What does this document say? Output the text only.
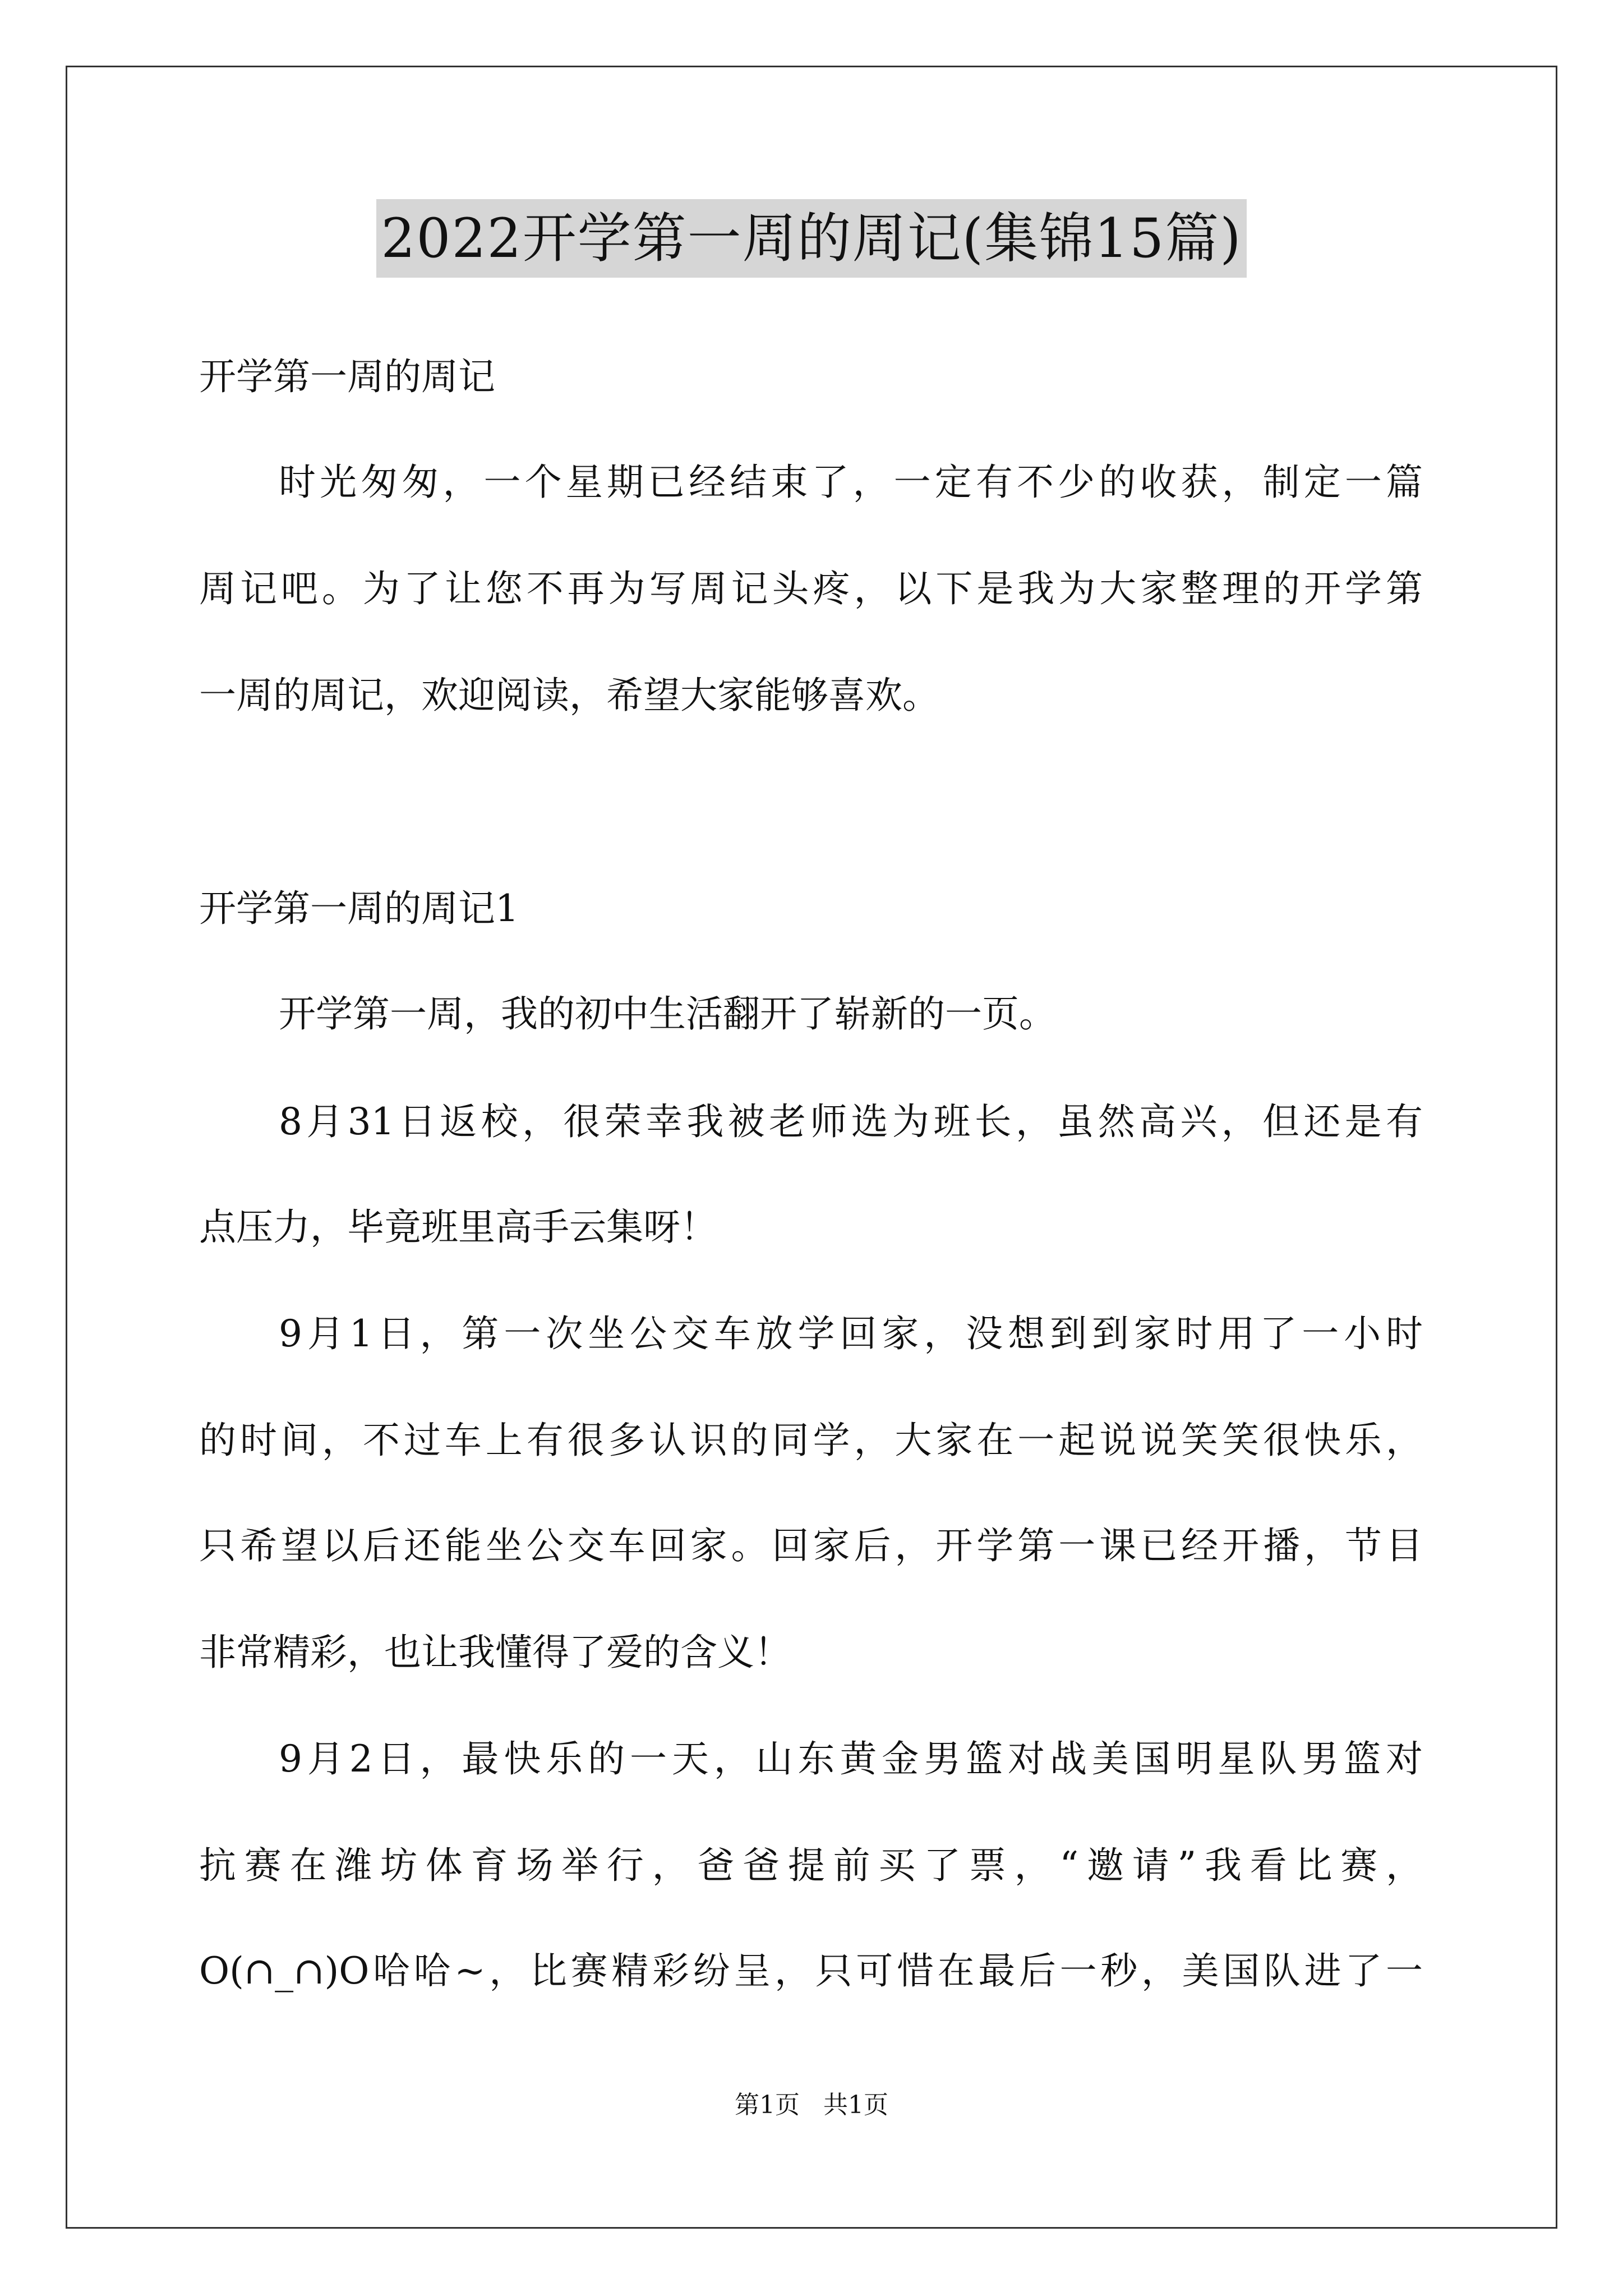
2022开学第一周的周记(集锦15篇)
开学第一周的周记
时光匆匆，一个星期已经结束了，一定有不少的收获，制定一篇
周记吧。为了让您不再为写周记头疼，以下是我为大家整理的开学第
一周的周记，欢迎阅读，希望大家能够喜欢。
开学第一周的周记1
开学第一周，我的初中生活翻开了崭新的一页。
8月31日返校，很荣幸我被老师选为班长，虽然高兴，但还是有
点压力，毕竟班里高手云集呀！
9月1日，第一次坐公交车放学回家，没想到到家时用了一小时
的时间，不过车上有很多认识的同学，大家在一起说说笑笑很快乐，
只希望以后还能坐公交车回家。回家后，开学第一课已经开播，节目
非常精彩，也让我懂得了爱的含义！
9月2日，最快乐的一天，山东黄金男篮对战美国明星队男篮对
抗赛在潍坊体育场举行，爸爸提前买了票，“邀请”我看比赛，
O(∩_∩)O哈哈~，比赛精彩纷呈，只可惜在最后一秒，美国队进了一
第1页 共1页
